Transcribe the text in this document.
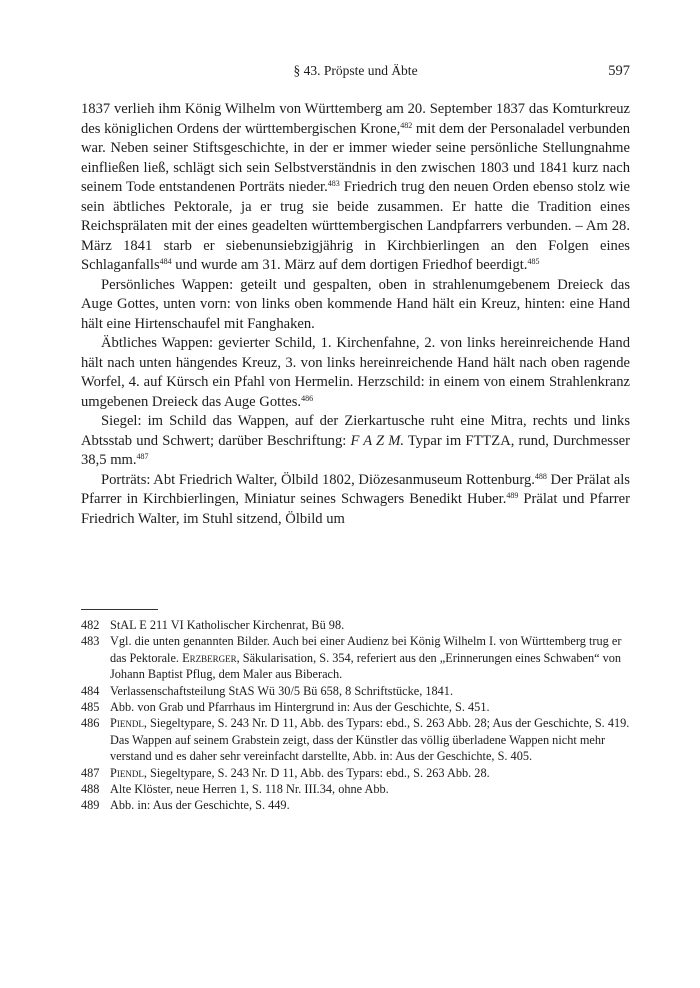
§ 43. Pröpste und Äbte	597

1837 verlieh ihm König Wilhelm von Württemberg am 20. September 1837 das Komturkreuz des königlichen Ordens der württembergischen Krone,$^{482}$ mit dem der Personaladel verbunden war. Neben seiner Stiftsgeschichte, in der er immer wieder seine persönliche Stellungnahme einfließen ließ, schlägt sich sein Selbstverständnis in den zwischen 1803 und 1841 kurz nach seinem Tode entstandenen Porträts nieder.$^{483}$ Friedrich trug den neuen Orden ebenso stolz wie sein äbtliches Pektorale, ja er trug sie beide zusammen. Er hatte die Tradition eines Reichsprälaten mit der eines geadelten württembergischen Landpfarrers verbunden. – Am 28. März 1841 starb er siebenunsiebzigjährig in Kirchbierlingen an den Folgen eines Schlaganfalls$^{484}$ und wurde am 31. März auf dem dortigen Friedhof beerdigt.$^{485}$

Persönliches Wappen: geteilt und gespalten, oben in strahlenumgebenem Dreieck das Auge Gottes, unten vorn: von links oben kommende Hand hält ein Kreuz, hinten: eine Hand hält eine Hirtenschaufel mit Fanghaken.

Äbtliches Wappen: gevierter Schild, 1. Kirchenfahne, 2. von links hereinreichende Hand hält nach unten hängendes Kreuz, 3. von links hereinreichende Hand hält nach oben ragende Worfel, 4. auf Kürsch ein Pfahl von Hermelin. Herzschild: in einem von einem Strahlenkranz umgebenen Dreieck das Auge Gottes.$^{486}$

Siegel: im Schild das Wappen, auf der Zierkartusche ruht eine Mitra, rechts und links Abtsstab und Schwert; darüber Beschriftung: F A Z M. Typar im FTTZA, rund, Durchmesser 38,5 mm.$^{487}$

Porträts: Abt Friedrich Walter, Ölbild 1802, Diözesanmuseum Rottenburg.$^{488}$ Der Prälat als Pfarrer in Kirchbierlingen, Miniatur seines Schwagers Benedikt Huber.$^{489}$ Prälat und Pfarrer Friedrich Walter, im Stuhl sitzend, Ölbild um

482 StAL E 211 VI Katholischer Kirchenrat, Bü 98.
483 Vgl. die unten genannten Bilder. Auch bei einer Audienz bei König Wilhelm I. von Württemberg trug er das Pektorale. Erzberger, Säkularisation, S. 354, referiert aus den „Erinnerungen eines Schwaben“ von Johann Baptist Pflug, dem Maler aus Biberach.
484 Verlassenschaftsteilung StAS Wü 30/5 Bü 658, 8 Schriftstücke, 1841.
485 Abb. von Grab und Pfarrhaus im Hintergrund in: Aus der Geschichte, S. 451.
486 Piendl, Siegeltypare, S. 243 Nr. D 11, Abb. des Typars: ebd., S. 263 Abb. 28; Aus der Geschichte, S. 419. Das Wappen auf seinem Grabstein zeigt, dass der Künstler das völlig überladene Wappen nicht mehr verstand und es daher sehr vereinfacht darstellte, Abb. in: Aus der Geschichte, S. 405.
487 Piendl, Siegeltypare, S. 243 Nr. D 11, Abb. des Typars: ebd., S. 263 Abb. 28.
488 Alte Klöster, neue Herren 1, S. 118 Nr. III.34, ohne Abb.
489 Abb. in: Aus der Geschichte, S. 449.
